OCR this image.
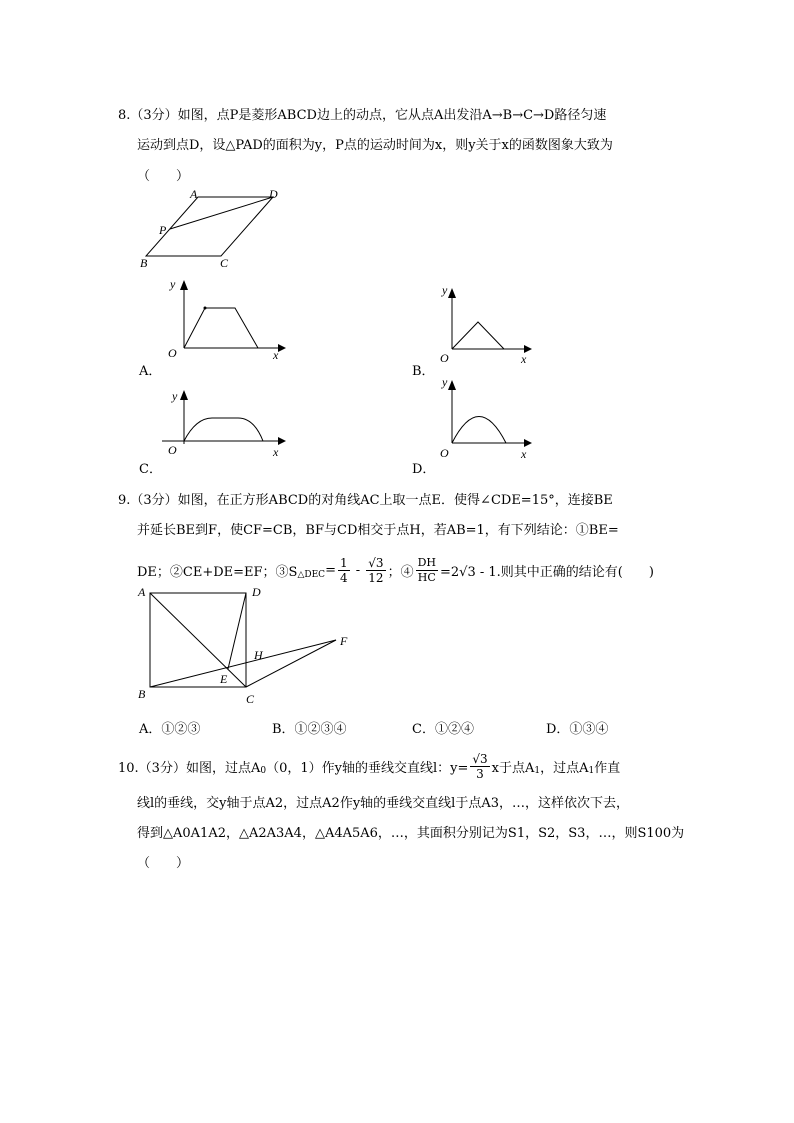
8.（3分）如图，点P是菱形ABCD边上的动点，它从点A出发沿A→B→C→D路径匀速
运动到点D，设△PAD的面积为y，P点的运动时间为x，则y关于x的函数图象大致为
（　　）
A	D
P
B	C
y
x
O
A．
y
x
O
B．
y
x
O
C．
y
x
O
D．
9.（3分）如图，在正方形ABCD的对角线AC上取一点E．使得∠CDE=15°，连接BE
并延长BE到F，使CF=CB，BF与CD相交于点H，若AB=1，有下列结论：①BE=
DE；②CE+DE=EF；③S △DEC = $\frac{1}{4} - √3$
12 ；④ $\frac{DH}{HC} =2√3 - 1$.则其中正确的结论有(　　)
A	D
F
H
E
B	C
A．①②③	B．①②③④	C．①②④	D．①③④
10.（3分）如图，过点A 0 （0，1）作y轴的垂线交直线l：$y= \frac{√3}{3}$ x于点A 1 ，过点A 1 作直
线l的垂线，交y轴于点A2，过点A2作y轴的垂线交直线l于点A3，…，这样依次下去，
得到△A0A1A2，△A2A3A4，△A4A5A6，…，其面积分别记为S1，S2，S3，…，则S100为
（　　）
